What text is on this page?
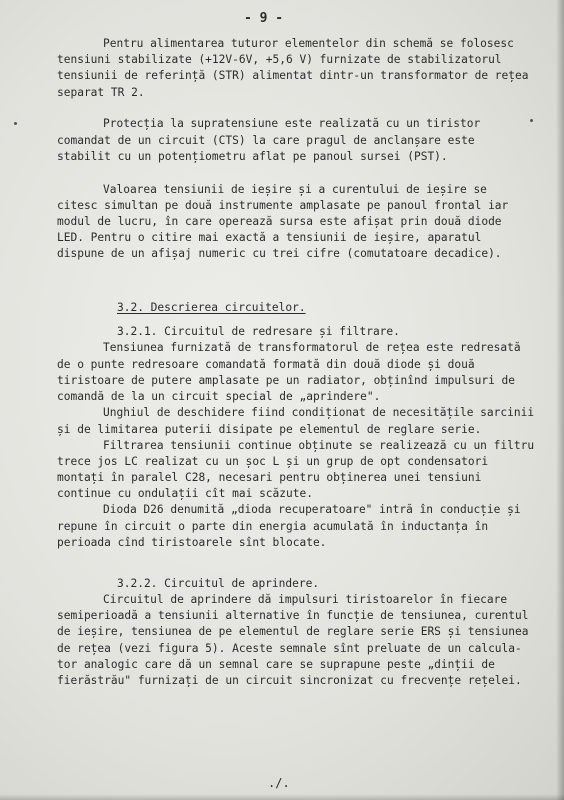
- 9 -
Pentru alimentarea tuturor elementelor din schemă se folosesc
tensiuni stabilizate (+12V-6V, +5,6 V) furnizate de stabilizatorul
tensiunii de referință (STR) alimentat dintr-un transformator de rețea
separat TR 2.
Protecția la supratensiune este realizată cu un tiristor
comandat de un circuit (CTS) la care pragul de anclanșare este
stabilit cu un potențiometru aflat pe panoul sursei (PST).
Valoarea tensiunii de ieșire și a curentului de ieșire se
citesc simultan pe două instrumente amplasate pe panoul frontal iar
modul de lucru, în care operează sursa este afișat prin două diode
LED. Pentru o citire mai exactă a tensiunii de ieșire, aparatul
dispune de un afișaj numeric cu trei cifre (comutatoare decadice).
3.2. Descrierea circuitelor.
3.2.1. Circuitul de redresare și filtrare.
Tensiunea furnizată de transformatorul de rețea este redresată
de o punte redresoare comandată formată din două diode și două
tiristoare de putere amplasate pe un radiator, obținînd impulsuri de
comandă de la un circuit special de „aprindere".
Unghiul de deschidere fiind condiționat de necesitățile sarcinii
și de limitarea puterii disipate pe elementul de reglare serie.
Filtrarea tensiunii continue obținute se realizează cu un filtru
trece jos LC realizat cu un șoc L și un grup de opt condensatori
montați în paralel C28, necesari pentru obținerea unei tensiuni
continue cu ondulații cît mai scăzute.
Dioda D26 denumită „dioda recuperatoare" intră în conducție și
repune în circuit o parte din energia acumulată în inductanța în
perioada cînd tiristoarele sînt blocate.
3.2.2. Circuitul de aprindere.
Circuitul de aprindere dă impulsuri tiristoarelor în fiecare
semiperioadă a tensiunii alternative în funcție de tensiunea, curentul
de ieșire, tensiunea de pe elementul de reglare serie ERS și tensiunea
de rețea (vezi figura 5). Aceste semnale sînt preluate de un calcula-
tor analogic care dă un semnal care se suprapune peste „dinții de
fierăstrău" furnizați de un circuit sincronizat cu frecvențe rețelei.
./.
